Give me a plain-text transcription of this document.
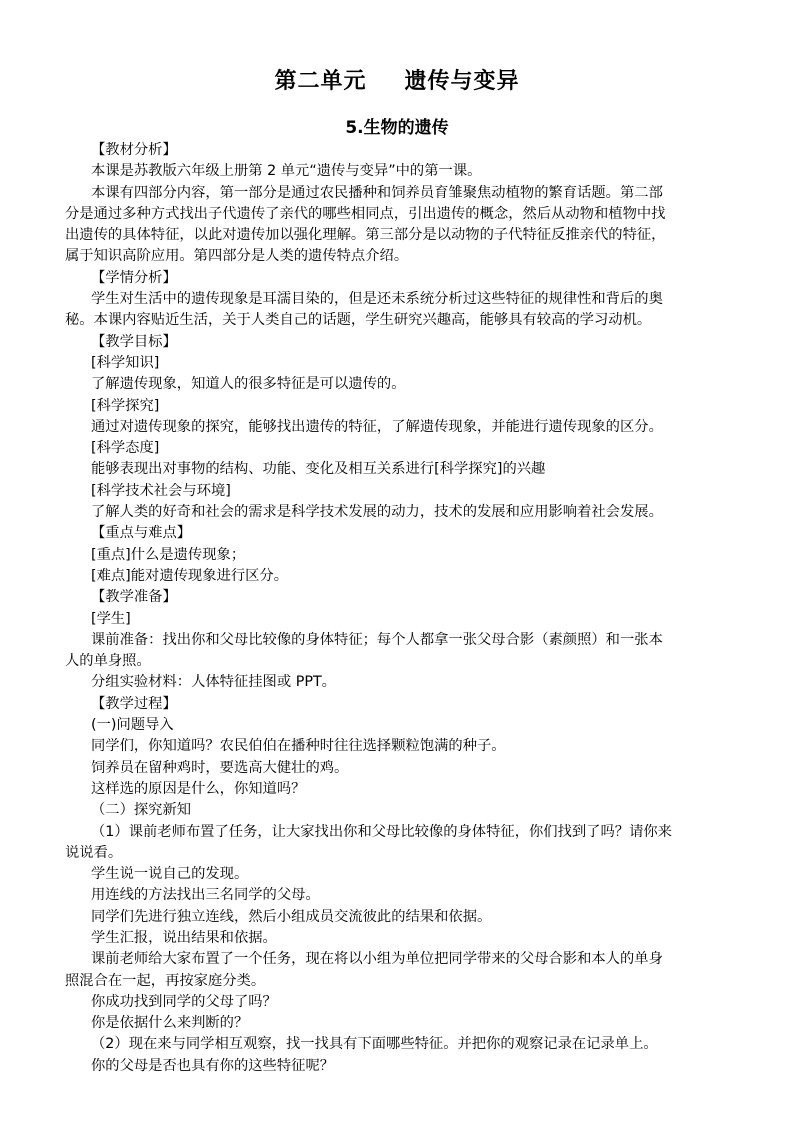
第二单元 遗传与变异
5.生物的遗传
【教材分析】
本课是苏教版六年级上册第 2 单元“遗传与变异”中的第一课。
本课有四部分内容，第一部分是通过农民播种和饲养员育雏聚焦动植物的繁育话题。第二部
分是通过多种方式找出子代遗传了亲代的哪些相同点，引出遗传的概念，然后从动物和植物中找
出遗传的具体特征，以此对遗传加以强化理解。第三部分是以动物的子代特征反推亲代的特征，
属于知识高阶应用。第四部分是人类的遗传特点介绍。
【学情分析】
学生对生活中的遗传现象是耳濡目染的，但是还未系统分析过这些特征的规律性和背后的奥
秘。本课内容贴近生活，关于人类自己的话题，学生研究兴趣高，能够具有较高的学习动机。
【教学目标】
[科学知识]
了解遗传现象，知道人的很多特征是可以遗传的。
[科学探究]
通过对遗传现象的探究，能够找出遗传的特征，了解遗传现象，并能进行遗传现象的区分。
[科学态度]
能够表现出对事物的结构、功能、变化及相互关系进行[科学探究]的兴趣
[科学技术社会与环境]
了解人类的好奇和社会的需求是科学技术发展的动力，技术的发展和应用影响着社会发展。
【重点与难点】
[重点]什么是遗传现象；
[难点]能对遗传现象进行区分。
【教学准备】
[学生]
课前准备：找出你和父母比较像的身体特征；每个人都拿一张父母合影（素颜照）和一张本
人的单身照。
分组实验材料：人体特征挂图或 PPT。
【教学过程】
(一)问题导入
同学们，你知道吗？农民伯伯在播种时往往选择颗粒饱满的种子。
饲养员在留种鸡时，要选高大健壮的鸡。
这样选的原因是什么，你知道吗？
（二）探究新知
（1）课前老师布置了任务，让大家找出你和父母比较像的身体特征，你们找到了吗？请你来
说说看。
学生说一说自己的发现。
用连线的方法找出三名同学的父母。
同学们先进行独立连线，然后小组成员交流彼此的结果和依据。
学生汇报，说出结果和依据。
课前老师给大家布置了一个任务，现在将以小组为单位把同学带来的父母合影和本人的单身
照混合在一起，再按家庭分类。
你成功找到同学的父母了吗？
你是依据什么来判断的？
（2）现在来与同学相互观察，找一找具有下面哪些特征。并把你的观察记录在记录单上。
你的父母是否也具有你的这些特征呢？
